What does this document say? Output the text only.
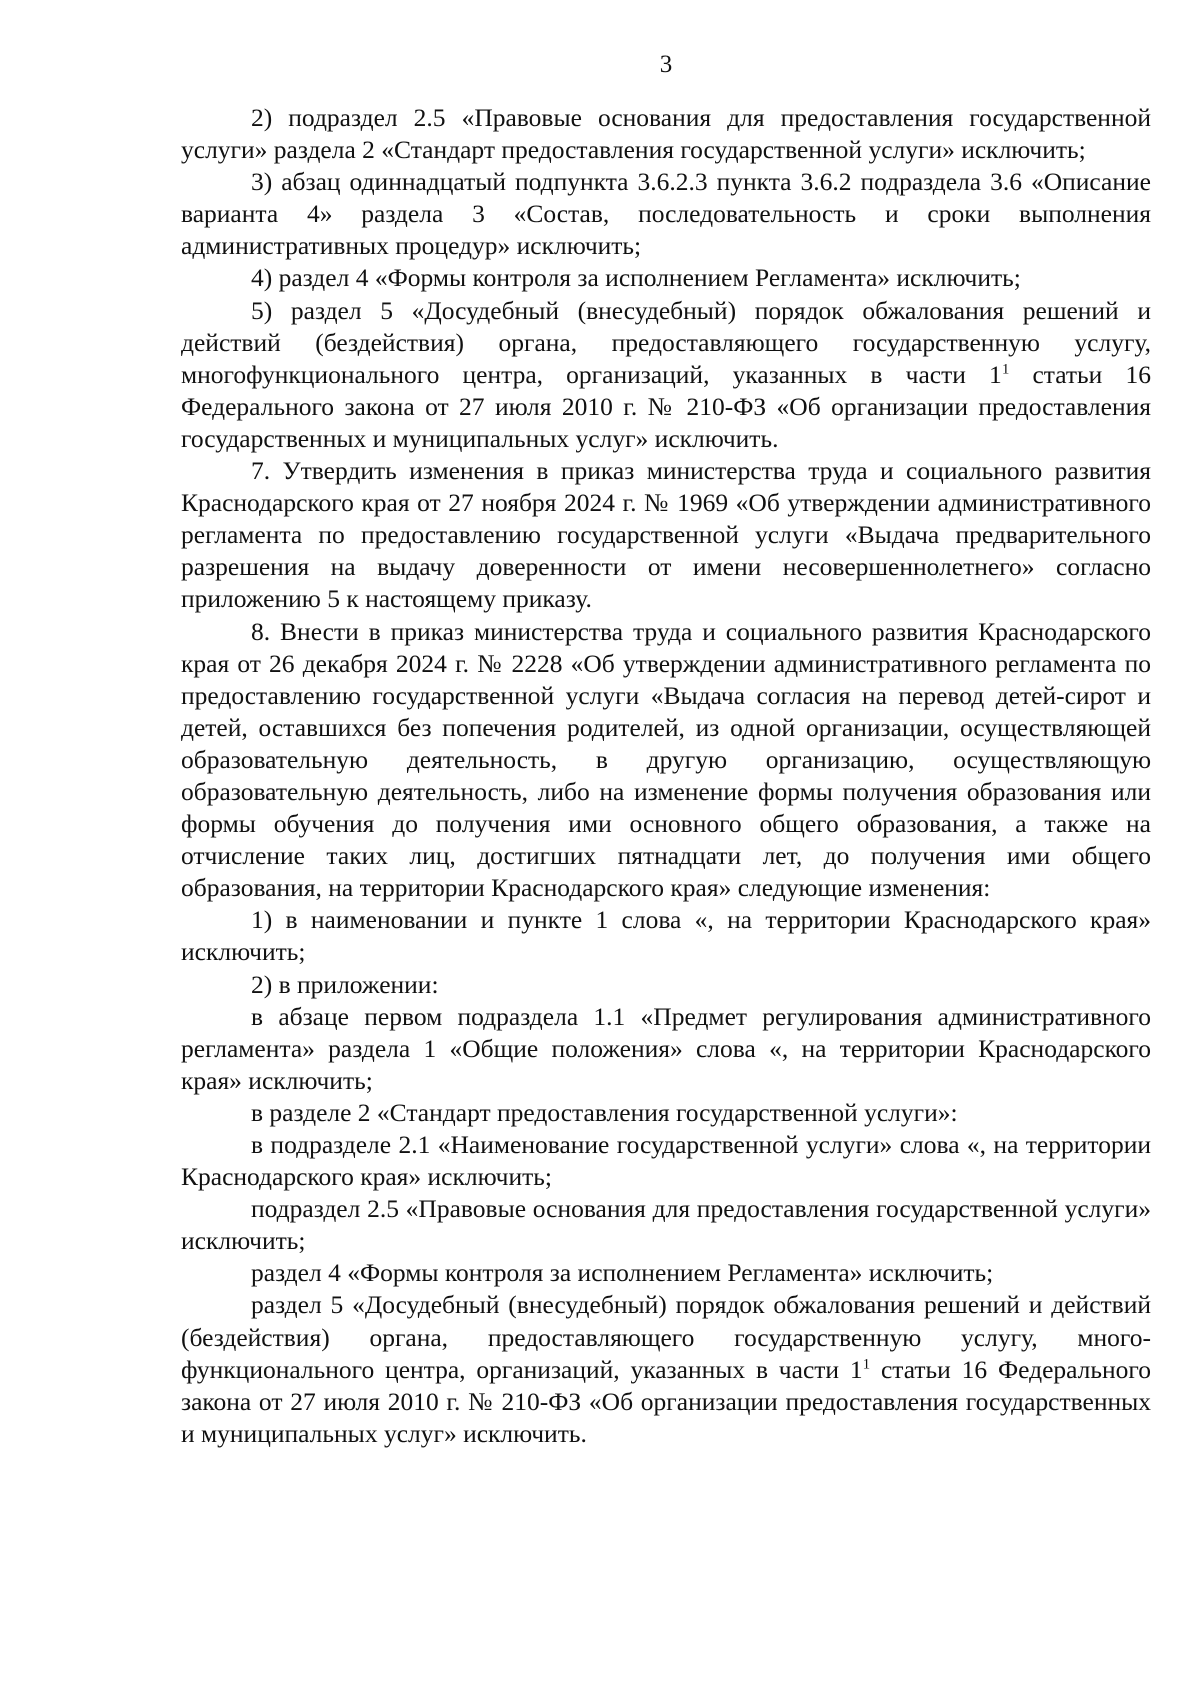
3

2) подраздел 2.5 «Правовые основания для предоставления государственной услуги» раздела 2 «Стандарт предоставления государственной услуги» исключить;

3) абзац одиннадцатый подпункта 3.6.2.3 пункта 3.6.2 подраздела 3.6 «Описание варианта 4» раздела 3 «Состав, последовательность и сроки выполнения административных процедур» исключить;

4) раздел 4 «Формы контроля за исполнением Регламента» исключить;

5) раздел 5 «Досудебный (внесудебный) порядок обжалования решений и действий (бездействия) органа, предоставляющего государственную услугу, многофункционального центра, организаций, указанных в части $1^1$ статьи 16 Федерального закона от 27 июля 2010 г. № 210-ФЗ «Об организации предоставления государственных и муниципальных услуг» исключить.

7. Утвердить изменения в приказ министерства труда и социального развития Краснодарского края от 27 ноября 2024 г. № 1969 «Об утверждении административного регламента по предоставлению государственной услуги «Выдача предварительного разрешения на выдачу доверенности от имени несовершеннолетнего» согласно приложению 5 к настоящему приказу.

8. Внести в приказ министерства труда и социального развития Краснодарского края от 26 декабря 2024 г. № 2228 «Об утверждении административного регламента по предоставлению государственной услуги «Выдача согласия на перевод детей-сирот и детей, оставшихся без попечения родителей, из одной организации, осуществляющей образовательную деятельность, в другую организацию, осуществляющую образовательную деятельность, либо на изменение формы получения образования или формы обучения до получения ими основного общего образования, а также на отчисление таких лиц, достигших пятнадцати лет, до получения ими общего образования, на территории Краснодарского края» следующие изменения:

1) в наименовании и пункте 1 слова «, на территории Краснодарского края» исключить;

2) в приложении:

в абзаце первом подраздела 1.1 «Предмет регулирования административного регламента» раздела 1 «Общие положения» слова «, на территории Краснодарского края» исключить;

в разделе 2 «Стандарт предоставления государственной услуги»:

в подразделе 2.1 «Наименование государственной услуги» слова «, на территории Краснодарского края» исключить;

подраздел 2.5 «Правовые основания для предоставления государственной услуги» исключить;

раздел 4 «Формы контроля за исполнением Регламента» исключить;

раздел 5 «Досудебный (внесудебный) порядок обжалования решений и действий (бездействия) органа, предоставляющего государственную услугу, много-функционального центра, организаций, указанных в части $1^1$ статьи 16 Федерального закона от 27 июля 2010 г. № 210-ФЗ «Об организации предоставления государственных и муниципальных услуг» исключить.
